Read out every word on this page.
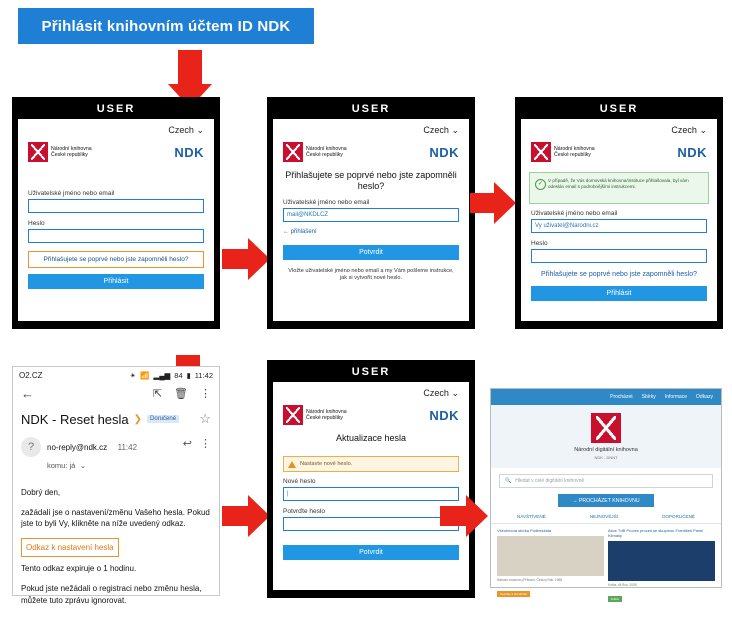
Přihlásit knihovním účtem ID NDK
USER
Czech ⌄
Národní knihovna
České republiky	NDK
Uživatelské jméno nebo email
Heslo
Přihlašujete se poprvé nebo jste zapomněli heslo?
Přihlásit
USER
Czech ⌄
Národní knihovna
České republiky	NDK
Přihlašujete se poprvé nebo jste zapomněli heslo?
Uživatelské jméno nebo email
mail@NKDLCZ
← přihlášení
Potvrdit
Vložte uživatelské jméno nebo email a my Vám pošleme instrukce, jak si vytvořit nové heslo.
USER
Czech ⌄
Národní knihovna
České republiky	NDK
✓
V případě, že Vás domovská knihovna/instituce přihlašovala, byl vám odeslán email s podrobnějšími instrukcemi.
Uživatelské jméno nebo email
Vy uživatel@Narodni.cz
Heslo
Přihlašujete se poprvé nebo jste zapomněli heslo?
Přihlásit
O2.CZ	✴ 📶 ▂▄▆ 84 ▮ 11:42
←	⇱ 🗑 ⋮
NDK - Reset hesla ❯	Doručené ☆
?	no-reply@ndk.cz 11:42
komu: já ⌄
↩ ⋮

Dobrý den,

zažádali jse o nastavení/změnu Vašeho hesla. Pokud jste to byli Vy, klikněte na níže uvedený odkaz.

Odkaz k nastavení hesla

Tento odkaz expiruje o 1 hodinu.

Pokud jste nežádali o registraci nebo změnu hesla, můžete tuto zprávu ignorovat.

USER
Czech ⌄
Národní knihovna
České republiky	NDK
Aktualizace hesla
Nastavte nové heslo.
Nové heslo
|
Potvrďte heslo
Potvrdit
Procházet Sbírky Informace Odkazy
Národní digitální knihovna
NDK - DNNT
🔍 Hledat v celé digitální knihovně
→ PROCHÁZET KNIHOVNU
NAVŠTÍVENÉ	NEJNOVĚJŠÍ	DOPORUČENÉ
Všeobecná sbírka Podbeskida
Národní muzeum (Příbram, Česko) Rok: 1968
Novinky a čtenářské
Akce TdB Proces proces se skupinou František Pavel Klimaky
Kniha, dil Rok: 2008
Kniha
